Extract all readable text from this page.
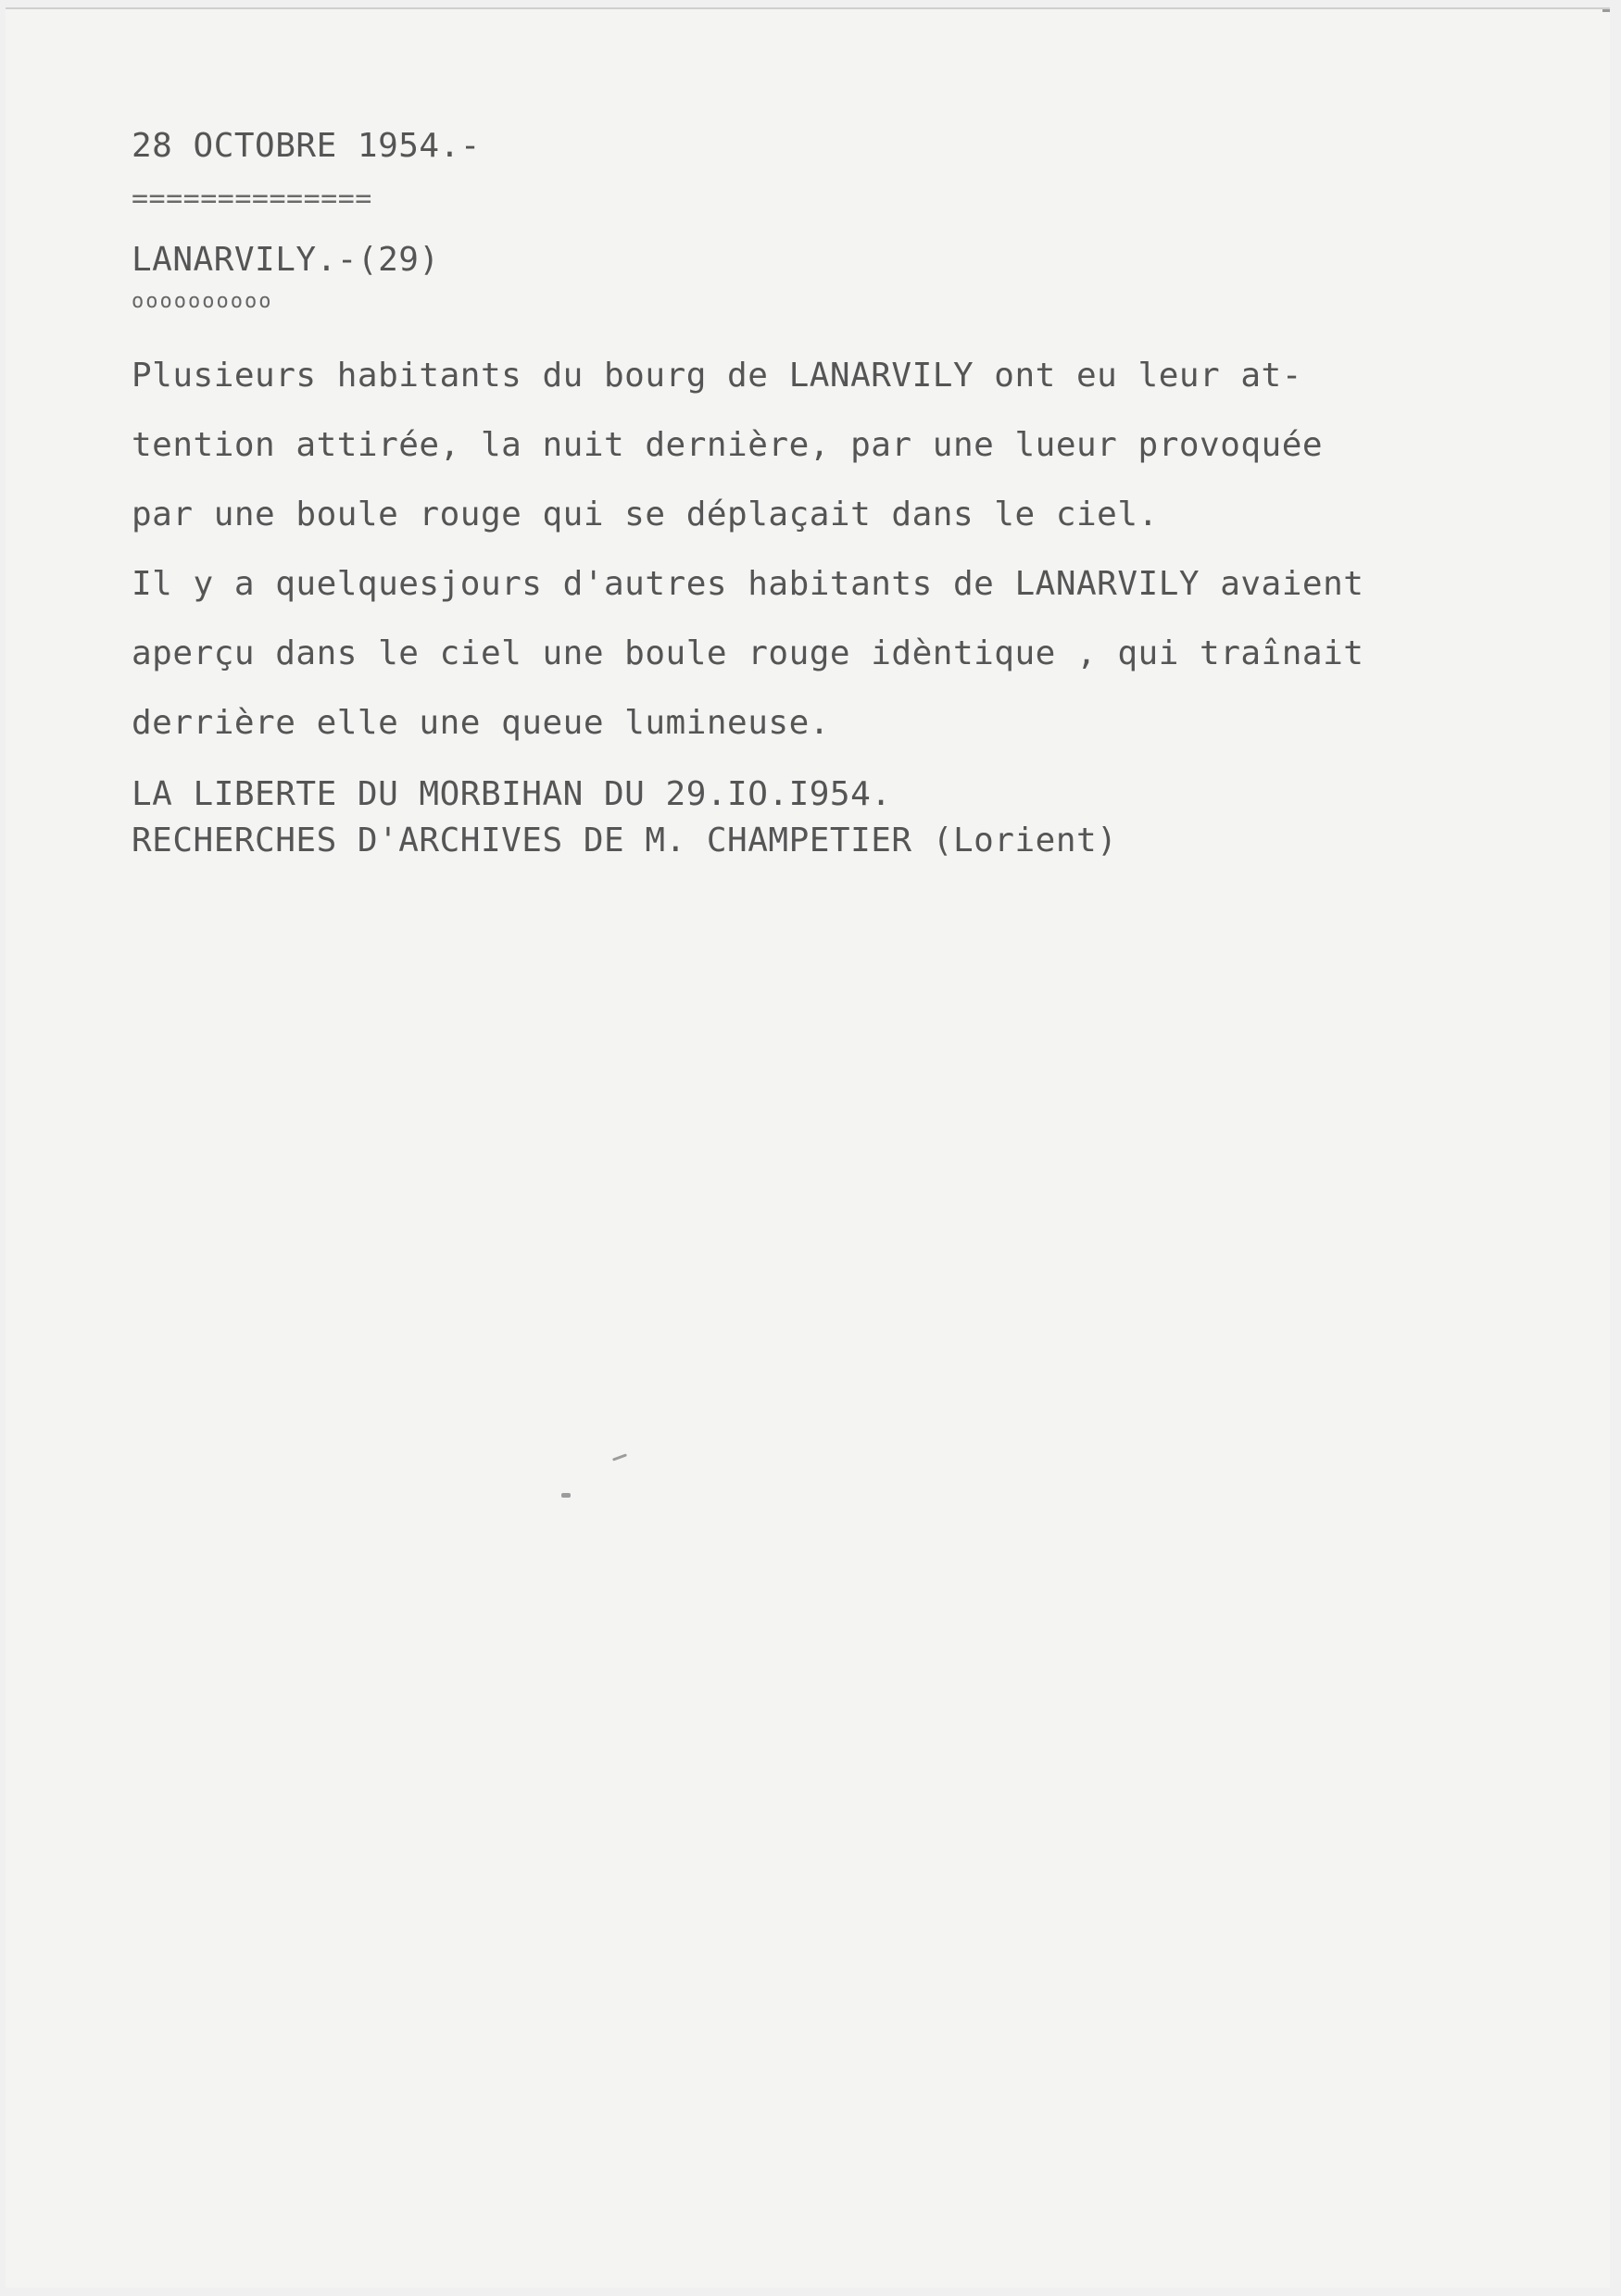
28 OCTOBRE 1954.-

==============

LANARVILY.-(29)

oooooooooo

Plusieurs habitants du bourg de LANARVILY ont eu leur at-
tention attirée, la nuit dernière, par une lueur provoquée
par une boule rouge qui se déplaçait dans le ciel.
Il y a quelquesjours d'autres habitants de LANARVILY avaient
aperçu dans le ciel une boule rouge idèntique , qui traînait
derrière elle une queue lumineuse.
LA LIBERTE DU MORBIHAN DU 29.IO.I954.
RECHERCHES D'ARCHIVES DE M. CHAMPETIER (Lorient)
